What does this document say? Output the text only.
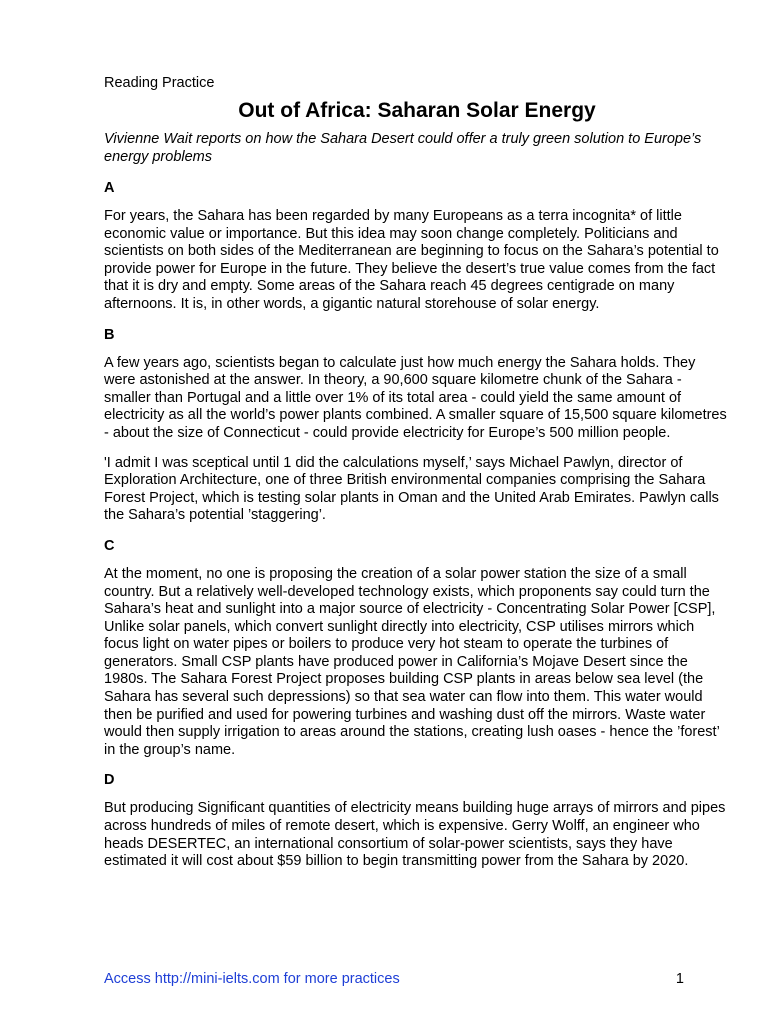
Reading Practice
Out of Africa: Saharan Solar Energy
Vivienne Wait reports on how the Sahara Desert could offer a truly green solution to Europe’s energy problems
A

For years, the Sahara has been regarded by many Europeans as a terra incognita* of little economic value or importance. But this idea may soon change completely. Politicians and scientists on both sides of the Mediterranean are beginning to focus on the Sahara’s potential to provide power for Europe in the future. They believe the desert’s true value comes from the fact that it is dry and empty. Some areas of the Sahara reach 45 degrees centigrade on many afternoons. It is, in other words, a gigantic natural storehouse of solar energy.

B

A few years ago, scientists began to calculate just how much energy the Sahara holds. They were astonished at the answer. In theory, a 90,600 square kilometre chunk of the Sahara - smaller than Portugal and a little over 1% of its total area - could yield the same amount of electricity as all the world’s power plants combined. A smaller square of 15,500 square kilometres - about the size of Connecticut - could provide electricity for Europe’s 500 million people.

'I admit I was sceptical until 1 did the calculations myself,’ says Michael Pawlyn, director of Exploration Architecture, one of three British environmental companies comprising the Sahara Forest Project, which is testing solar plants in Oman and the United Arab Emirates. Pawlyn calls the Sahara’s potential ’staggering’.

C

At the moment, no one is proposing the creation of a solar power station the size of a small country. But a relatively well-developed technology exists, which proponents say could turn the Sahara’s heat and sunlight into a major source of electricity - Concentrating Solar Power [CSP], Unlike solar panels, which convert sunlight directly into electricity, CSP utilises mirrors which focus light on water pipes or boilers to produce very hot steam to operate the turbines of generators. Small CSP plants have produced power in California’s Mojave Desert since the 1980s. The Sahara Forest Project proposes building CSP plants in areas below sea level (the Sahara has several such depressions) so that sea water can flow into them. This water would then be purified and used for powering turbines and washing dust off the mirrors. Waste water would then supply irrigation to areas around the stations, creating lush oases - hence the ’forest’ in the group’s name.

D

But producing Significant quantities of electricity means building huge arrays of mirrors and pipes across hundreds of miles of remote desert, which is expensive. Gerry Wolff, an engineer who heads DESERTEC, an international consortium of solar-power scientists, says they have estimated it will cost about $59 billion to begin transmitting power from the Sahara by 2020.

Access http://mini-ielts.com for more practices	1
